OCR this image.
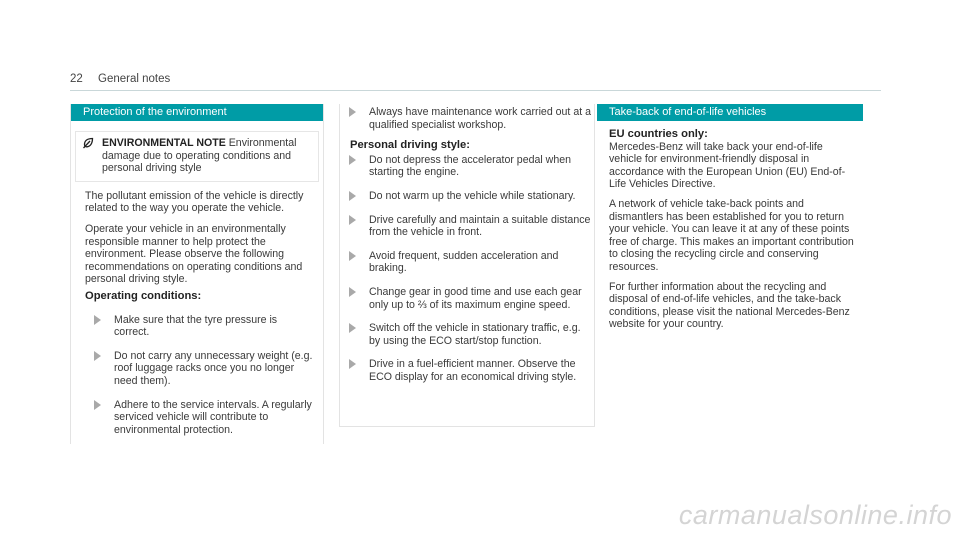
22 General notes
Protection of the environment
ENVIRONMENTAL NOTE Environmental damage due to operating conditions and personal driving style

The pollutant emission of the vehicle is directly related to the way you operate the vehicle.

Operate your vehicle in an environmentally responsible manner to help protect the environment. Please observe the following recommendations on operating conditions and personal driving style.

Operating conditions:
Make sure that the tyre pressure is correct.
Do not carry any unnecessary weight (e.g. roof luggage racks once you no longer need them).
Adhere to the service intervals. A regularly serviced vehicle will contribute to environmental protection.
Always have maintenance work carried out at a qualified specialist workshop.
Personal driving style:
Do not depress the accelerator pedal when starting the engine.
Do not warm up the vehicle while stationary.
Drive carefully and maintain a suitable distance from the vehicle in front.
Avoid frequent, sudden acceleration and braking.
Change gear in good time and use each gear only up to ⅔ of its maximum engine speed.
Switch off the vehicle in stationary traffic, e.g. by using the ECO start/stop function.
Drive in a fuel-efficient manner. Observe the ECO display for an economical driving style.
Take-back of end-of-life vehicles
EU countries only:

Mercedes-Benz will take back your end-of-life vehicle for environment-friendly disposal in accordance with the European Union (EU) End-of-Life Vehicles Directive.

A network of vehicle take-back points and dismantlers has been established for you to return your vehicle. You can leave it at any of these points free of charge. This makes an important contribution to closing the recycling circle and conserving resources.

For further information about the recycling and disposal of end-of-life vehicles, and the take-back conditions, please visit the national Mercedes-Benz website for your country.

carmanualsonline.info
